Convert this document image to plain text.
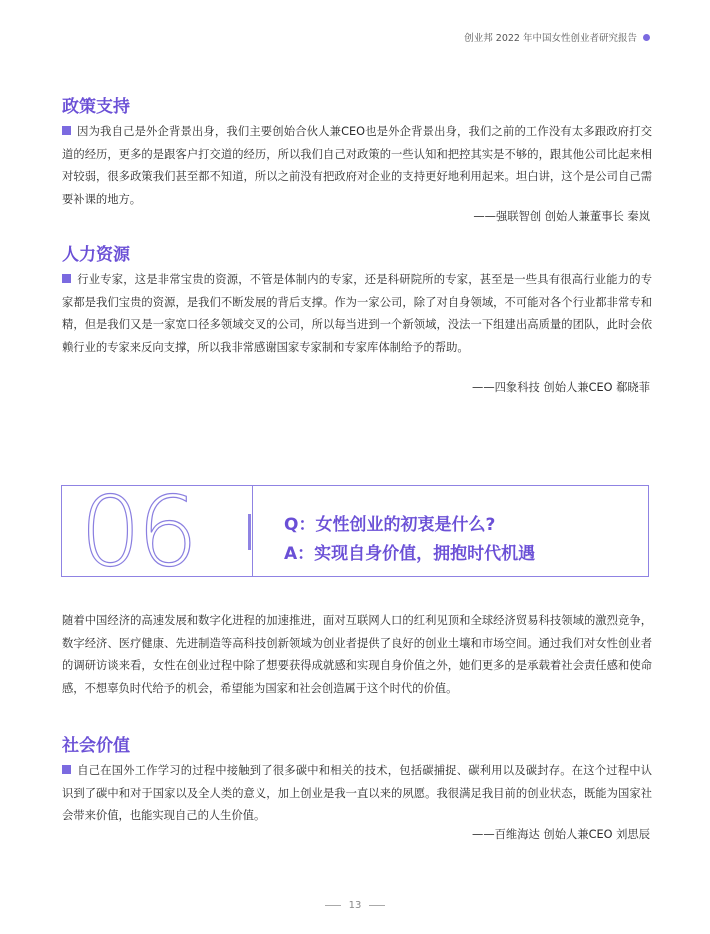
创业邦 2022 年中国女性创业者研究报告
政策支持
因为我自己是外企背景出身，我们主要创始合伙人兼CEO也是外企背景出身，我们之前的工作没有太多跟政府打交道的经历，更多的是跟客户打交道的经历，所以我们自己对政策的一些认知和把控其实是不够的，跟其他公司比起来相对较弱，很多政策我们甚至都不知道，所以之前没有把政府对企业的支持更好地利用起来。坦白讲，这个是公司自己需要补课的地方。
——强联智创 创始人兼董事长 秦岚
人力资源
行业专家，这是非常宝贵的资源，不管是体制内的专家，还是科研院所的专家，甚至是一些具有很高行业能力的专家都是我们宝贵的资源，是我们不断发展的背后支撑。作为一家公司，除了对自身领域，不可能对各个行业都非常专和精，但是我们又是一家宽口径多领域交叉的公司，所以每当进到一个新领域，没法一下组建出高质量的团队，此时会依赖行业的专家来反向支撑，所以我非常感谢国家专家制和专家库体制给予的帮助。
——四象科技 创始人兼CEO 郗晓菲
06	Q：女性创业的初衷是什么?
A：实现自身价值，拥抱时代机遇
随着中国经济的高速发展和数字化进程的加速推进，面对互联网人口的红利见顶和全球经济贸易科技领域的激烈竞争，数字经济、医疗健康、先进制造等高科技创新领域为创业者提供了良好的创业土壤和市场空间。通过我们对女性创业者的调研访谈来看，女性在创业过程中除了想要获得成就感和实现自身价值之外，她们更多的是承载着社会责任感和使命感，不想辜负时代给予的机会，希望能为国家和社会创造属于这个时代的价值。
社会价值
自己在国外工作学习的过程中接触到了很多碳中和相关的技术，包括碳捕捉、碳利用以及碳封存。在这个过程中认识到了碳中和对于国家以及全人类的意义，加上创业是我一直以来的夙愿。我很满足我目前的创业状态，既能为国家社会带来价值，也能实现自己的人生价值。
——百维海达 创始人兼CEO 刘思辰
13
